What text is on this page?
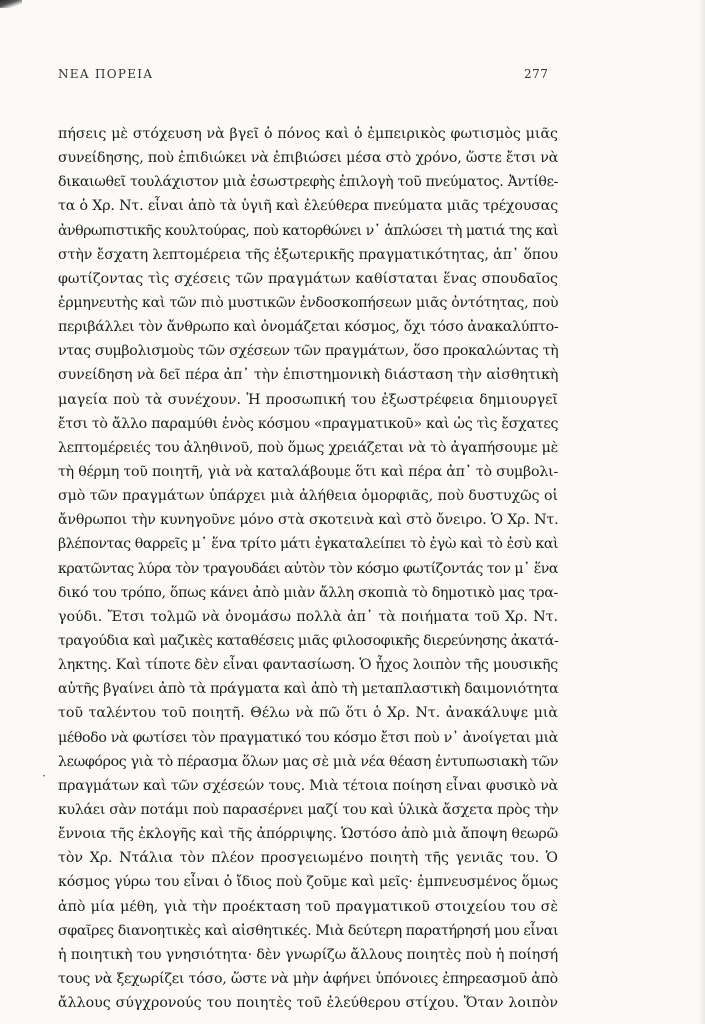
ΝΕΑ ΠΟΡΕΙΑ	277
·
πήσεις μὲ στόχευση νὰ βγεῖ ὁ πόνος καὶ ὁ ἐμπειρικὸς φωτισμὸς μιᾶς
συνείδησης, ποὺ ἐπιδιώκει νὰ ἐπιβιώσει μέσα στὸ χρόνο, ὥστε ἔτσι νὰ
δικαιωθεῖ τουλάχιστον μιὰ ἐσωστρεφὴς ἐπιλογὴ τοῦ πνεύματος. Ἀντίθε-
τα ὁ Χρ. Ντ. εἶναι ἀπὸ τὰ ὑγιῆ καὶ ἐλεύθερα πνεύματα μιᾶς τρέχουσας
ἀνθρωπιστικῆς κουλτούρας, ποὺ κατορθώνει ν᾽ ἁπλώσει τὴ ματιά της καὶ
στὴν ἔσχατη λεπτομέρεια τῆς ἐξωτερικῆς πραγματικότητας, ἀπ᾽ ὅπου
φωτίζοντας τὶς σχέσεις τῶν πραγμάτων καθίσταται ἕνας σπουδαῖος
ἑρμηνευτὴς καὶ τῶν πιὸ μυστικῶν ἐνδοσκοπήσεων μιᾶς ὀντότητας, ποὺ
περιβάλλει τὸν ἄνθρωπο καὶ ὀνομάζεται κόσμος, ὄχι τόσο ἀνακαλύπτο-
ντας συμβολισμοὺς τῶν σχέσεων τῶν πραγμάτων, ὅσο προκαλώντας τὴ
συνείδηση νὰ δεῖ πέρα ἀπ᾽ τὴν ἐπιστημονικὴ διάσταση τὴν αἰσθητικὴ
μαγεία ποὺ τὰ συνέχουν. Ἡ προσωπική του ἐξωστρέφεια δημιουργεῖ
ἔτσι τὸ ἄλλο παραμύθι ἑνὸς κόσμου «πραγματικοῦ» καὶ ὡς τὶς ἔσχατες
λεπτομέρειές του ἀληθινοῦ, ποὺ ὅμως χρειάζεται νὰ τὸ ἀγαπήσουμε μὲ
τὴ θέρμη τοῦ ποιητῆ, γιὰ νὰ καταλάβουμε ὅτι καὶ πέρα ἀπ᾽ τὸ συμβολι-
σμὸ τῶν πραγμάτων ὑπάρχει μιὰ ἀλήθεια ὀμορφιᾶς, ποὺ δυστυχῶς οἱ
ἄνθρωποι τὴν κυνηγοῦνε μόνο στὰ σκοτεινὰ καὶ στὸ ὄνειρο. Ὁ Χρ. Ντ.
βλέποντας θαρρεῖς μ᾽ ἕνα τρίτο μάτι ἐγκαταλείπει τὸ ἐγὼ καὶ τὸ ἐσὺ καὶ
κρατῶντας λύρα τὸν τραγουδάει αὐτὸν τὸν κόσμο φωτίζοντάς τον μ᾽ ἕνα
δικό του τρόπο, ὅπως κάνει ἀπὸ μιὰν ἄλλη σκοπιὰ τὸ δημοτικὸ μας τρα-
γούδι. Ἔτσι τολμῶ νὰ ὀνομάσω πολλὰ ἀπ᾽ τὰ ποιήματα τοῦ Χρ. Ντ.
τραγούδια καὶ μαζικὲς καταθέσεις μιᾶς φιλοσοφικῆς διερεύνησης ἀκατά-
ληκτης. Καὶ τίποτε δὲν εἶναι φαντασίωση. Ὁ ἦχος λοιπὸν τῆς μουσικῆς
αὐτῆς βγαίνει ἀπὸ τὰ πράγματα καὶ ἀπὸ τὴ μεταπλαστικὴ δαιμονιότητα
τοῦ ταλέντου τοῦ ποιητῆ. Θέλω νὰ πῶ ὅτι ὁ Χρ. Ντ. ἀνακάλυψε μιὰ
μέθοδο νὰ φωτίσει τὸν πραγματικό του κόσμο ἔτσι ποὺ ν᾽ ἀνοίγεται μιὰ
λεωφόρος γιὰ τὸ πέρασμα ὅλων μας σὲ μιὰ νέα θέαση ἐντυπωσιακὴ τῶν
πραγμάτων καὶ τῶν σχέσεών τους. Μιὰ τέτοια ποίηση εἶναι φυσικὸ νὰ
κυλάει σὰν ποτάμι ποὺ παρασέρνει μαζί του καὶ ὑλικὰ ἄσχετα πρὸς τὴν
ἔννοια τῆς ἐκλογῆς καὶ τῆς ἀπόρριψης. Ὡστόσο ἀπὸ μιὰ ἄποψη θεωρῶ
τὸν Χρ. Ντάλια τὸν πλέον προσγειωμένο ποιητὴ τῆς γενιᾶς του. Ὁ
κόσμος γύρω του εἶναι ὁ ἴδιος ποὺ ζοῦμε καὶ μεῖς· ἐμπνευσμένος ὅμως
ἀπὸ μία μέθη, γιὰ τὴν προέκταση τοῦ πραγματικοῦ στοιχείου του σὲ
σφαῖρες διανοητικὲς καὶ αἰσθητικές. Μιὰ δεύτερη παρατήρησή μου εἶναι
ἡ ποιητικὴ του γνησιότητα· δὲν γνωρίζω ἄλλους ποιητὲς ποὺ ἡ ποίησή
τους νὰ ξεχωρίζει τόσο, ὥστε νὰ μὴν ἀφήνει ὑπόνοιες ἐπηρεασμοῦ ἀπὸ
ἄλλους σύγχρονούς του ποιητὲς τοῦ ἐλεύθερου στίχου. Ὅταν λοιπὸν
